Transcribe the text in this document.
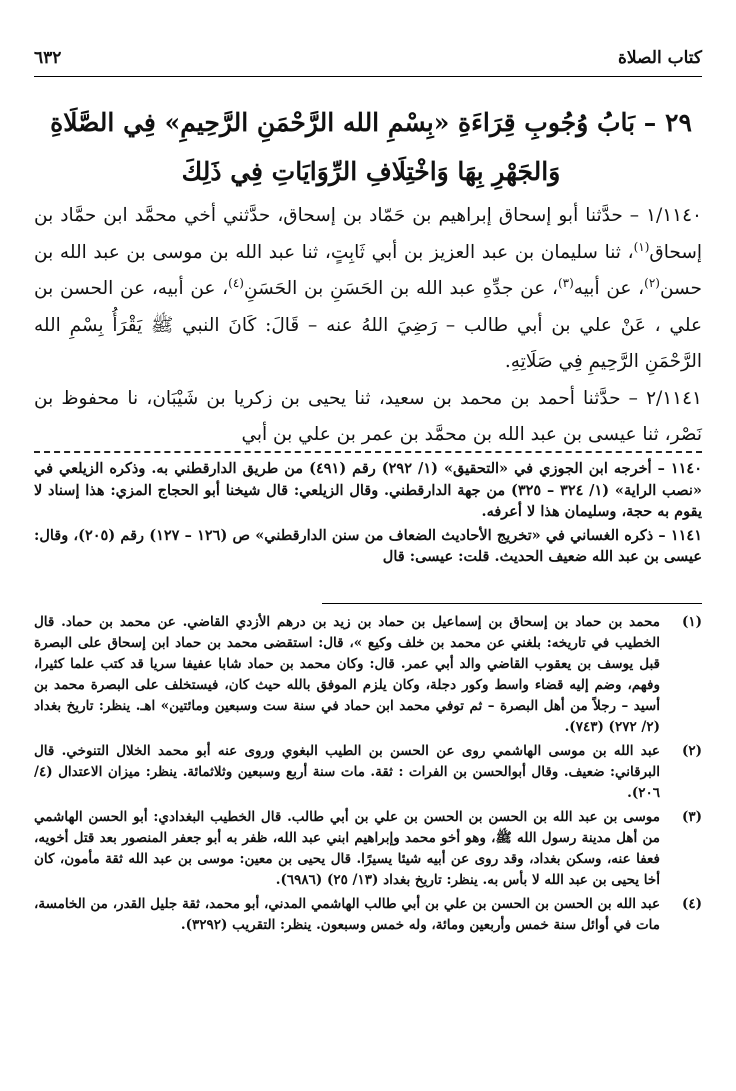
كتاب الصلاة
٦٣٢
٢٩ – بَابُ وُجُوبِ قِرَاءَةِ «بِسْمِ الله الرَّحْمَنِ الرَّحِيمِ» فِي الصَّلَاةِ
وَالجَهْرِ بِهَا وَاخْتِلَافِ الرِّوَايَاتِ فِي ذَلِكَ

١/١١٤٠ – حدَّثنا أبو إسحاق إبراهيم بن حَمّاد بن إسحاق، حدَّثني أخي محمَّد ابن حمَّاد بن إسحاق$^{(١)}$، ثنا سليمان بن عبد العزيز بن أبي ثَابِتٍ، ثنا عبد الله بن موسى بن عبد الله بن حسن$^{(٢)}$، عن أبيه$^{(٣)}$، عن جدِّهِ عبد الله بن الحَسَنِ بن الحَسَنِ$^{(٤)}$، عن أبيه، عن الحسن بن علي ، عَنْ علي بن أبي طالب – رَضِيَ اللهُ عنه – قَالَ: كَانَ النبي ﷺ يَقْرَأُ بِسْمِ الله الرَّحْمَنِ الرَّحِيمِ فِي صَلَاتِهِ.

٢/١١٤١ – حدَّثنا أحمد بن محمد بن سعيد، ثنا يحيى بن زكريا بن شَيْبَان، نا محفوظ بن نَصْر، ثنا عيسى بن عبد الله بن محمَّد بن عمر بن علي بن أبي

١١٤٠ – أخرجه ابن الجوزي في «التحقيق» (١/ ٢٩٢) رقم (٤٩١) من طريق الدارقطني به. وذكره الزيلعي في «نصب الراية» (١/ ٣٢٤ – ٣٢٥) من جهة الدارقطني. وقال الزيلعي: قال شيخنا أبو الحجاج المزي: هذا إسناد لا يقوم به حجة، وسليمان هذا لا أعرفه.

١١٤١ – ذكره الغساني في «تخريج الأحاديث الضعاف من سنن الدارقطني» ص (١٢٦ – ١٢٧) رقم (٢٠٥)، وقال: عيسى بن عبد الله ضعيف الحديث. قلت: عيسى: قال

(١)
محمد بن حماد بن إسحاق بن إسماعيل بن حماد بن زيد بن درهم الأزدي القاضي. عن محمد بن حماد. قال الخطيب في تاريخه: بلغني عن محمد بن خلف وكيع »، قال: استقضى محمد بن حماد ابن إسحاق على البصرة قبل يوسف بن يعقوب القاضي والد أبي عمر. قال: وكان محمد بن حماد شابا عفيفا سريا قد كتب علما كثيرا، وفهم، وضم إليه قضاء واسط وكور دجلة، وكان يلزم الموفق بالله حيث كان، فيستخلف على البصرة محمد بن أسيد – رجلاً من أهل البصرة – ثم توفي محمد ابن حماد في سنة ست وسبعين ومائتين» اهـ. ينظر: تاريخ بغداد (٢/ ٢٧٢) (٧٤٣).
(٢)
عبد الله بن موسى الهاشمي روى عن الحسن بن الطيب البغوي وروى عنه أبو محمد الخلال التنوخي. قال البرقاني: ضعيف. وقال أبوالحسن بن الفرات : ثقة. مات سنة أربع وسبعين وثلاثمائة. ينظر: ميزان الاعتدال (٤/ ٢٠٦).
(٣)
موسى بن عبد الله بن الحسن بن الحسن بن علي بن أبي طالب. قال الخطيب البغدادي: أبو الحسن الهاشمي من أهل مدينة رسول الله ﷺ، وهو أخو محمد وإبراهيم ابني عبد الله، ظفر به أبو جعفر المنصور بعد قتل أخويه، فعفا عنه، وسكن بغداد، وقد روى عن أبيه شيئا يسيرًا. قال يحيى بن معين: موسى بن عبد الله ثقة مأمون، كان أخا يحيى بن عبد الله لا بأس به. ينظر: تاريخ بغداد (١٣/ ٢٥) (٦٩٨٦).
(٤)
عبد الله بن الحسن بن الحسن بن علي بن أبي طالب الهاشمي المدني، أبو محمد، ثقة جليل القدر، من الخامسة، مات في أوائل سنة خمس وأربعين ومائة، وله خمس وسبعون. ينظر: التقريب (٣٢٩٢).
